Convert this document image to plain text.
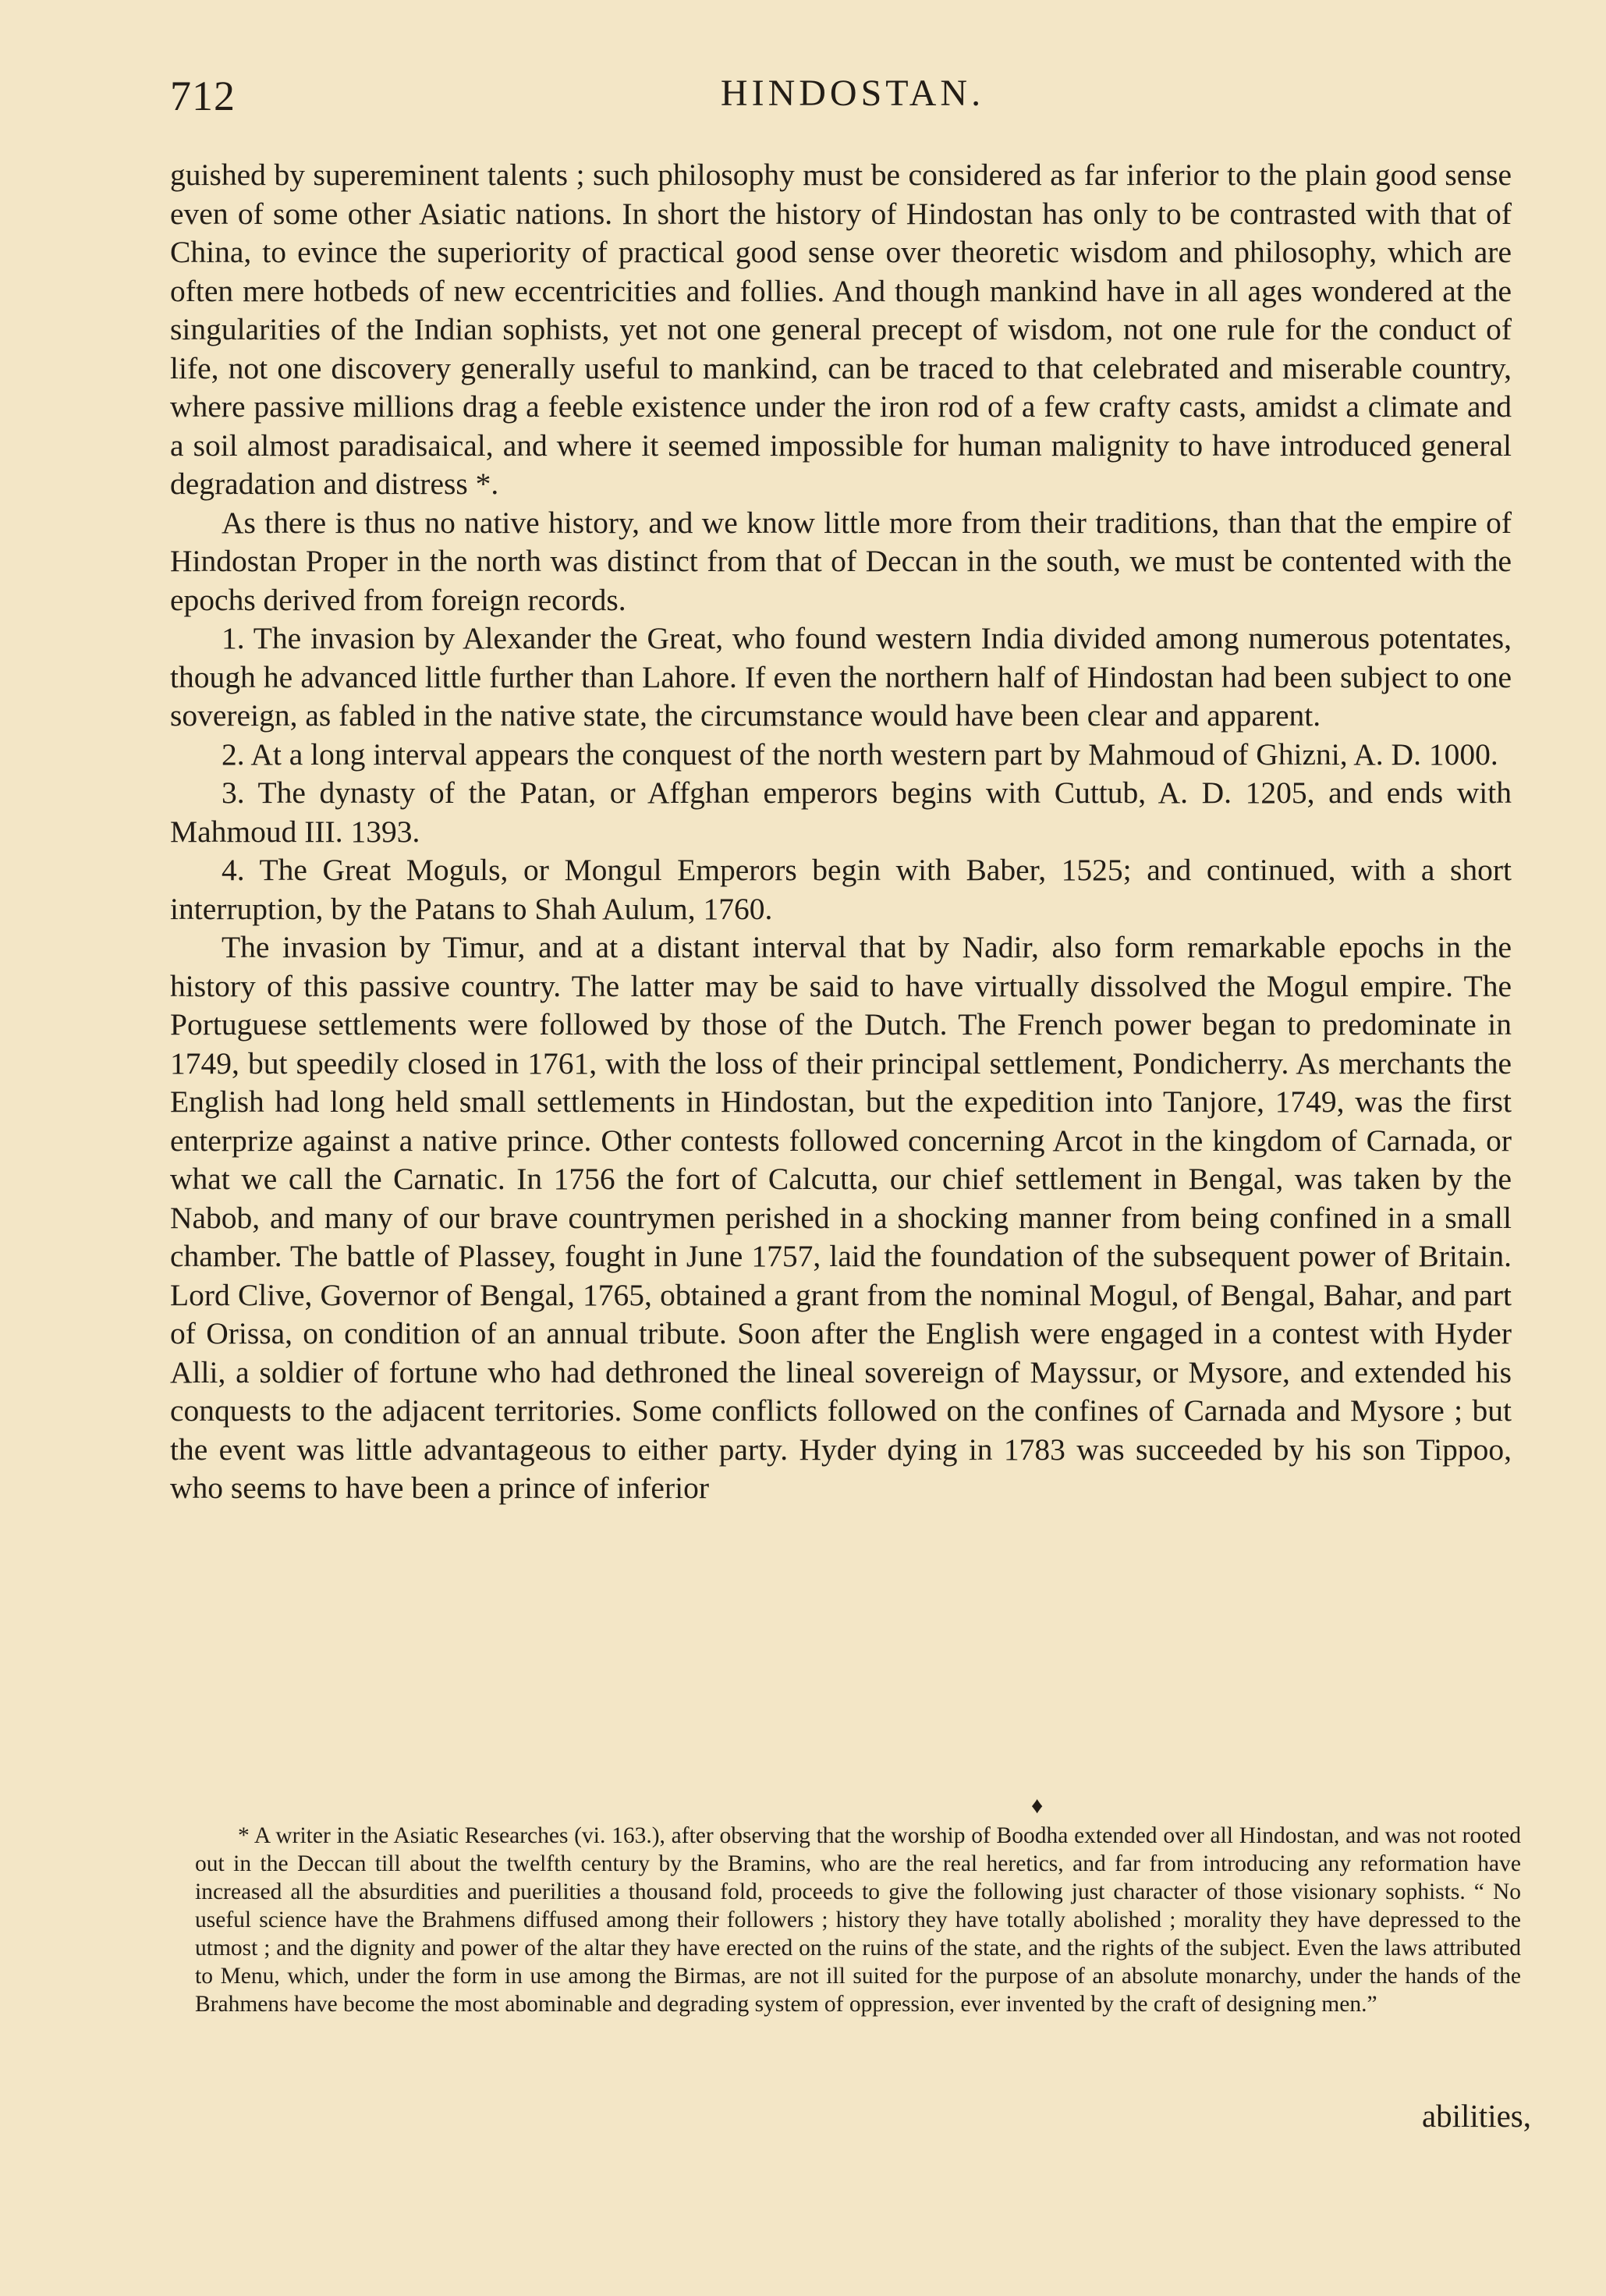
712	HINDOSTAN.

guished by supereminent talents ; such philosophy must be considered as far inferior to the plain good sense even of some other Asiatic nations. In short the history of Hindostan has only to be contrasted with that of China, to evince the superiority of practical good sense over theoretic wisdom and philosophy, which are often mere hotbeds of new eccentricities and follies. And though mankind have in all ages wondered at the singularities of the Indian sophists, yet not one general precept of wisdom, not one rule for the conduct of life, not one discovery generally useful to mankind, can be traced to that celebrated and miserable country, where passive millions drag a feeble existence under the iron rod of a few crafty casts, amidst a climate and a soil almost paradisaical, and where it seemed impossible for human malignity to have introduced general degradation and distress *.

As there is thus no native history, and we know little more from their traditions, than that the empire of Hindostan Proper in the north was distinct from that of Deccan in the south, we must be contented with the epochs derived from foreign records.

1. The invasion by Alexander the Great, who found western India divided among numerous potentates, though he advanced little further than Lahore. If even the northern half of Hindostan had been subject to one sovereign, as fabled in the native state, the circumstance would have been clear and apparent.

2. At a long interval appears the conquest of the north western part by Mahmoud of Ghizni, A. D. 1000.

3. The dynasty of the Patan, or Affghan emperors begins with Cuttub, A. D. 1205, and ends with Mahmoud III. 1393.

4. The Great Moguls, or Mongul Emperors begin with Baber, 1525; and continued, with a short interruption, by the Patans to Shah Aulum, 1760.

The invasion by Timur, and at a distant interval that by Nadir, also form remarkable epochs in the history of this passive country. The latter may be said to have virtually dissolved the Mogul empire. The Portuguese settlements were followed by those of the Dutch. The French power began to predominate in 1749, but speedily closed in 1761, with the loss of their principal settlement, Pondicherry. As merchants the English had long held small settlements in Hindostan, but the expedition into Tanjore, 1749, was the first enterprize against a native prince. Other contests followed concerning Arcot in the kingdom of Carnada, or what we call the Carnatic. In 1756 the fort of Calcutta, our chief settlement in Bengal, was taken by the Nabob, and many of our brave countrymen perished in a shocking manner from being confined in a small chamber. The battle of Plassey, fought in June 1757, laid the foundation of the subsequent power of Britain. Lord Clive, Governor of Bengal, 1765, obtained a grant from the nominal Mogul, of Bengal, Bahar, and part of Orissa, on condition of an annual tribute. Soon after the English were engaged in a contest with Hyder Alli, a soldier of fortune who had dethroned the lineal sovereign of Mayssur, or Mysore, and extended his conquests to the adjacent territories. Some conflicts followed on the confines of Carnada and Mysore ; but the event was little advantageous to either party. Hyder dying in 1783 was succeeded by his son Tippoo, who seems to have been a prince of inferior

♦

* A writer in the Asiatic Researches (vi. 163.), after observing that the worship of Boodha extended over all Hindostan, and was not rooted out in the Deccan till about the twelfth century by the Bramins, who are the real heretics, and far from introducing any reformation have increased all the absurdities and puerilities a thousand fold, proceeds to give the following just character of those visionary sophists. “ No useful science have the Brahmens diffused among their followers ; history they have totally abolished ; morality they have depressed to the utmost ; and the dignity and power of the altar they have erected on the ruins of the state, and the rights of the subject. Even the laws attributed to Menu, which, under the form in use among the Birmas, are not ill suited for the purpose of an absolute monarchy, under the hands of the Brahmens have become the most abominable and degrading system of oppression, ever invented by the craft of designing men.”

abilities,
